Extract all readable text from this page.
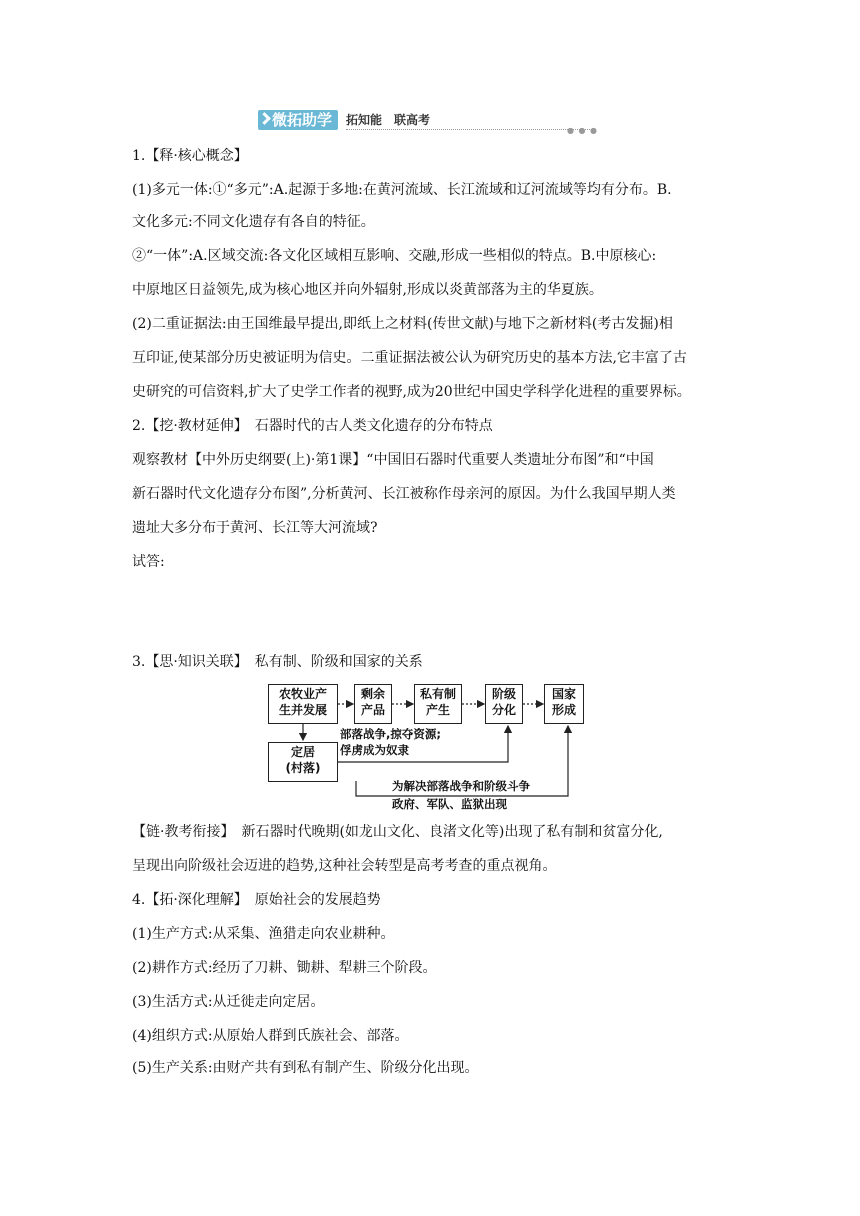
微拓助学	拓知能　联高考
● ● ●
1.【释·核心概念】
(1)多元一体:①“多元”:A.起源于多地:在黄河流域、长江流域和辽河流域等均有分布。B.
文化多元:不同文化遗存有各自的特征。
②“一体”:A.区域交流:各文化区域相互影响、交融,形成一些相似的特点。B.中原核心:
中原地区日益领先,成为核心地区并向外辐射,形成以炎黄部落为主的华夏族。
(2)二重证据法:由王国维最早提出,即纸上之材料(传世文献)与地下之新材料(考古发掘)相
互印证,使某部分历史被证明为信史。二重证据法被公认为研究历史的基本方法,它丰富了古
史研究的可信资料,扩大了史学工作者的视野,成为20世纪中国史学科学化进程的重要界标。
2.【挖·教材延伸】　石器时代的古人类文化遗存的分布特点
观察教材【中外历史纲要(上)·第1课】“中国旧石器时代重要人类遗址分布图”和“中国
新石器时代文化遗存分布图”,分析黄河、长江被称作母亲河的原因。为什么我国早期人类
遗址大多分布于黄河、长江等大河流域?
试答:
3.【思·知识关联】　私有制、阶级和国家的关系
农牧业产
生并发展
剩余
产品
私有制
产生
阶级
分化
国家
形成
定居
(村落)
部落战争,掠夺资源;
俘虏成为奴隶
为解决部落战争和阶级斗争
政府、军队、监狱出现
【链·教考衔接】　新石器时代晚期(如龙山文化、良渚文化等)出现了私有制和贫富分化,
呈现出向阶级社会迈进的趋势,这种社会转型是高考考查的重点视角。
4.【拓·深化理解】　原始社会的发展趋势
(1)生产方式:从采集、渔猎走向农业耕种。
(2)耕作方式:经历了刀耕、锄耕、犁耕三个阶段。
(3)生活方式:从迁徙走向定居。
(4)组织方式:从原始人群到氏族社会、部落。
(5)生产关系:由财产共有到私有制产生、阶级分化出现。
